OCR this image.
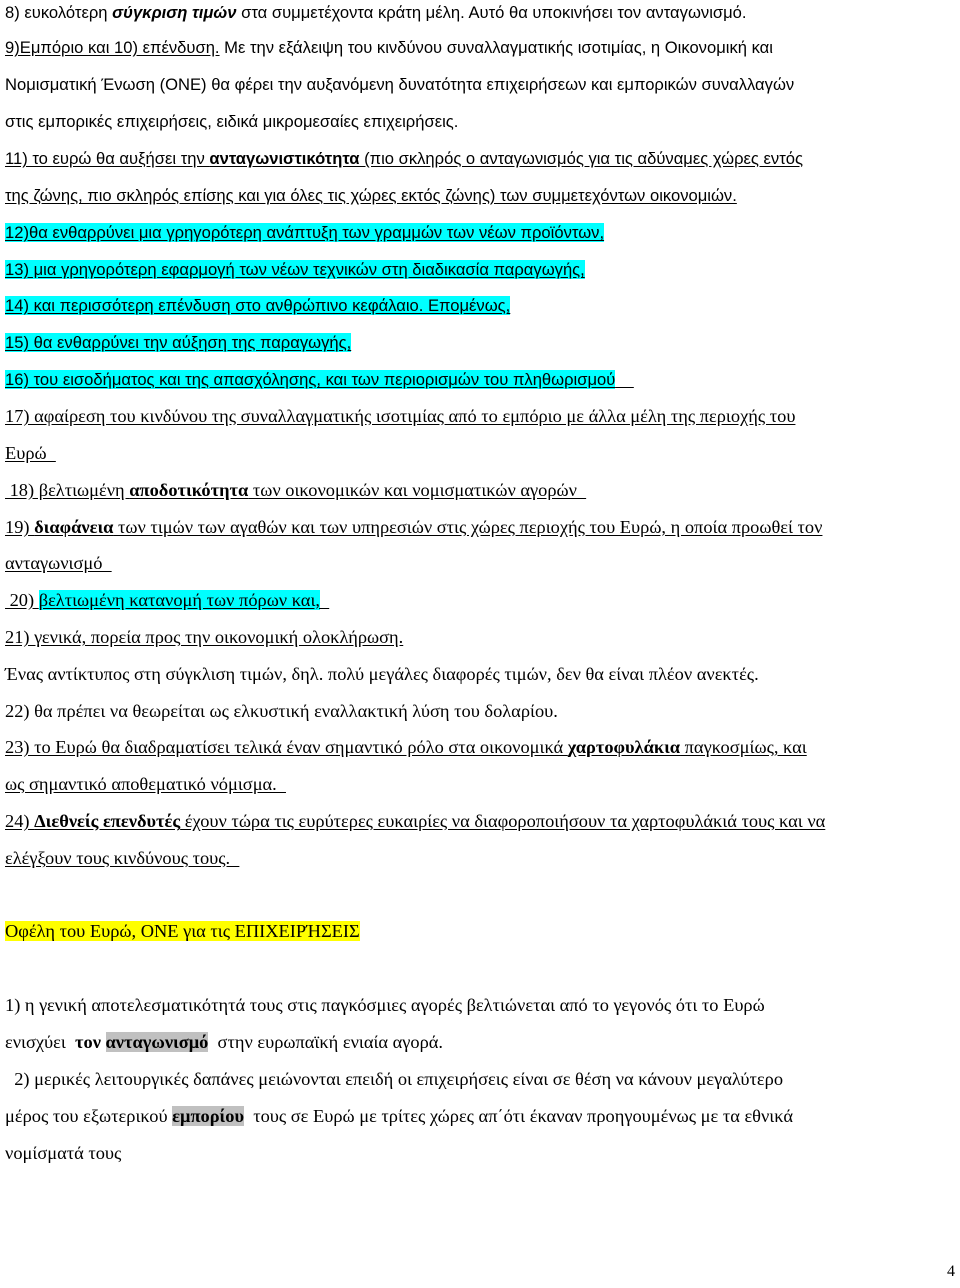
8) ευκολότερη σύγκριση τιμών στα συμμετέχοντα κράτη μέλη. Αυτό θα υποκινήσει τον ανταγωνισμό.
9)Εμπόριο και 10) επένδυση. Με την εξάλειψη του κινδύνου συναλλαγματικής ισοτιμίας, η Οικονομική και
Νομισματική Ένωση (ΟΝΕ) θα φέρει την αυξανόμενη δυνατότητα επιχειρήσεων και εμπορικών συναλλαγών
στις εμπορικές επιχειρήσεις, ειδικά μικρομεσαίες επιχειρήσεις.
11) το ευρώ θα αυξήσει την ανταγωνιστικότητα (πιο σκληρός ο ανταγωνισμός για τις αδύναμες χώρες εντός
της ζώνης, πιο σκληρός επίσης και για όλες τις χώρες εκτός ζώνης) των συμμετεχόντων οικονομιών.
12)θα ενθαρρύνει μια γρηγορότερη ανάπτυξη των γραμμών των νέων προϊόντων,
13) μια γρηγορότερη εφαρμογή των νέων τεχνικών στη διαδικασία παραγωγής,
14) και περισσότερη επένδυση στο ανθρώπινο κεφάλαιο. Επομένως,
15) θα ενθαρρύνει την αύξηση της παραγωγής,
16) του εισοδήματος και της απασχόλησης, και των περιορισμών του πληθωρισμού
17) αφαίρεση του κινδύνου της συναλλαγματικής ισοτιμίας από το εμπόριο με άλλα μέλη της περιοχής του
Ευρώ
18) βελτιωμένη αποδοτικότητα των οικονομικών και νομισματικών αγορών
19) διαφάνεια των τιμών των αγαθών και των υπηρεσιών στις χώρες περιοχής του Ευρώ, η οποία προωθεί τον
ανταγωνισμό
20) βελτιωμένη κατανομή των πόρων και,
21) γενικά, πορεία προς την οικονομική ολοκλήρωση.
Ένας αντίκτυπος στη σύγκλιση τιμών, δηλ. πολύ μεγάλες διαφορές τιμών, δεν θα είναι πλέον ανεκτές.
22) θα πρέπει να θεωρείται ως ελκυστική εναλλακτική λύση του δολαρίου.
23) το Ευρώ θα διαδραματίσει τελικά έναν σημαντικό ρόλο στα οικονομικά χαρτοφυλάκια παγκοσμίως, και
ως σημαντικό αποθεματικό νόμισμα.
24) Διεθνείς επενδυτές έχουν τώρα τις ευρύτερες ευκαιρίες να διαφοροποιήσουν τα χαρτοφυλάκιά τους και να
ελέγξουν τους κινδύνους τους.
Οφέλη του Ευρώ, ΟΝΕ για τις ΕΠΙΧΕΙΡΉΣΕΙΣ
1) η γενική αποτελεσματικότητά τους στις παγκόσμιες αγορές βελτιώνεται από το γεγονός ότι το Ευρώ
ενισχύει  τον ανταγωνισμό  στην ευρωπαϊκή ενιαία αγορά.
2) μερικές λειτουργικές δαπάνες μειώνονται επειδή οι επιχειρήσεις είναι σε θέση να κάνουν μεγαλύτερο
μέρος του εξωτερικού εμπορίου  τους σε Ευρώ με τρίτες χώρες απ΄ότι έκαναν προηγουμένως με τα εθνικά
νομίσματά τους
4
